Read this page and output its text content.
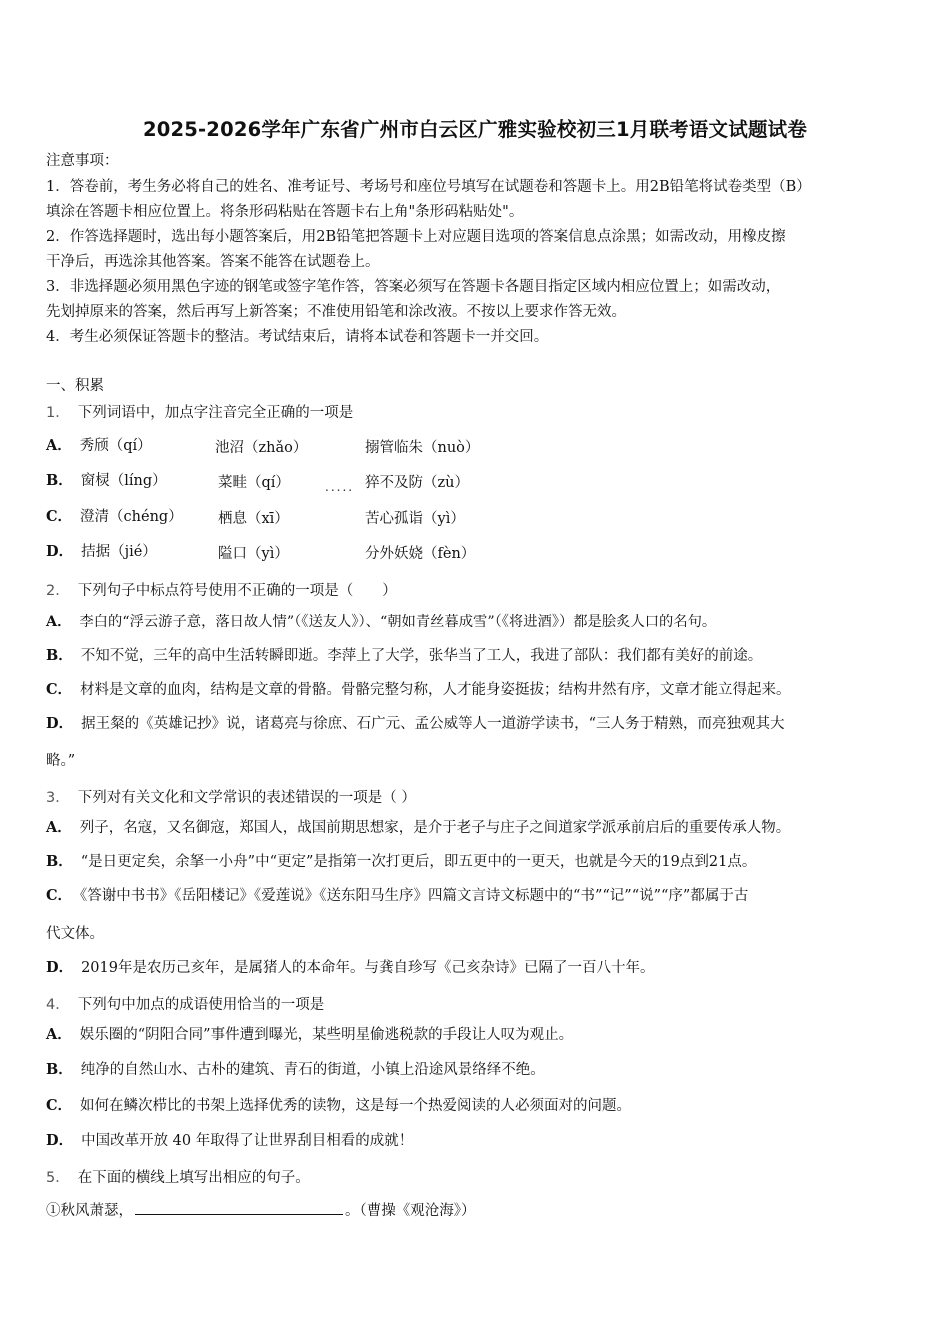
2025-2026学年广东省广州市白云区广雅实验校初三1月联考语文试题试卷
注意事项：
1．答卷前，考生务必将自己的姓名、准考证号、考场号和座位号填写在试题卷和答题卡上。用2B铅笔将试卷类型（B）
填涂在答题卡相应位置上。将条形码粘贴在答题卡右上角"条形码粘贴处"。
2．作答选择题时，选出每小题答案后，用2B铅笔把答题卡上对应题目选项的答案信息点涂黑；如需改动，用橡皮擦
干净后，再选涂其他答案。答案不能答在试题卷上。
3．非选择题必须用黑色字迹的钢笔或签字笔作答，答案必须写在答题卡各题目指定区域内相应位置上；如需改动，
先划掉原来的答案，然后再写上新答案；不准使用铅笔和涂改液。不按以上要求作答无效。
4．考生必须保证答题卡的整洁。考试结束后，请将本试卷和答题卡一并交回。
一、积累
1． 下列词语中，加点字注音完全正确的一项是
A． 秀颀（qí）	池沼（zhǎo）	搦管临朱（nuò）
B． 窗棂（líng）	菜畦（qí）	猝不及防（zù）
.....
C． 澄清（chéng） 栖息（xī）	苦心孤诣（yì）
D． 拮据（jié）	隘口（yì）	分外妖娆（fèn）
2． 下列句子中标点符号使用不正确的一项是（　　）
A． 李白的“浮云游子意，落日故人情”（《送友人》）、“朝如青丝暮成雪”（《将进酒》）都是脍炙人口的名句。
B． 不知不觉，三年的高中生活转瞬即逝。李萍上了大学，张华当了工人，我进了部队：我们都有美好的前途。
C． 材料是文章的血肉，结构是文章的骨骼。骨骼完整匀称，人才能身姿挺拔；结构井然有序，文章才能立得起来。
D． 据王粲的《英雄记抄》说，诸葛亮与徐庶、石广元、孟公威等人一道游学读书，“三人务于精熟，而亮独观其大
略。”
3． 下列对有关文化和文学常识的表述错误的一项是（ ）
A． 列子，名寇，又名御寇，郑国人，战国前期思想家，是介于老子与庄子之间道家学派承前启后的重要传承人物。
B． “是日更定矣，余拏一小舟”中“更定”是指第一次打更后，即五更中的一更天，也就是今天的19点到21点。
C． 《答谢中书书》《岳阳楼记》《爱莲说》《送东阳马生序》四篇文言诗文标题中的“书”“记”“说”“序”都属于古
代文体。
D． 2019年是农历己亥年，是属猪人的本命年。与龚自珍写《己亥杂诗》已隔了一百八十年。
4． 下列句中加点的成语使用恰当的一项是
A． 娱乐圈的“阴阳合同”事件遭到曝光，某些明星偷逃税款的手段让人叹为观止。
B． 纯净的自然山水、古朴的建筑、青石的街道，小镇上沿途风景络绎不绝。
C． 如何在鳞次栉比的书架上选择优秀的读物，这是每一个热爱阅读的人必须面对的问题。
D． 中国改革开放 40 年取得了让世界刮目相看的成就！
5． 在下面的横线上填写出相应的句子。
①秋风萧瑟，	。（曹操《观沧海》）
